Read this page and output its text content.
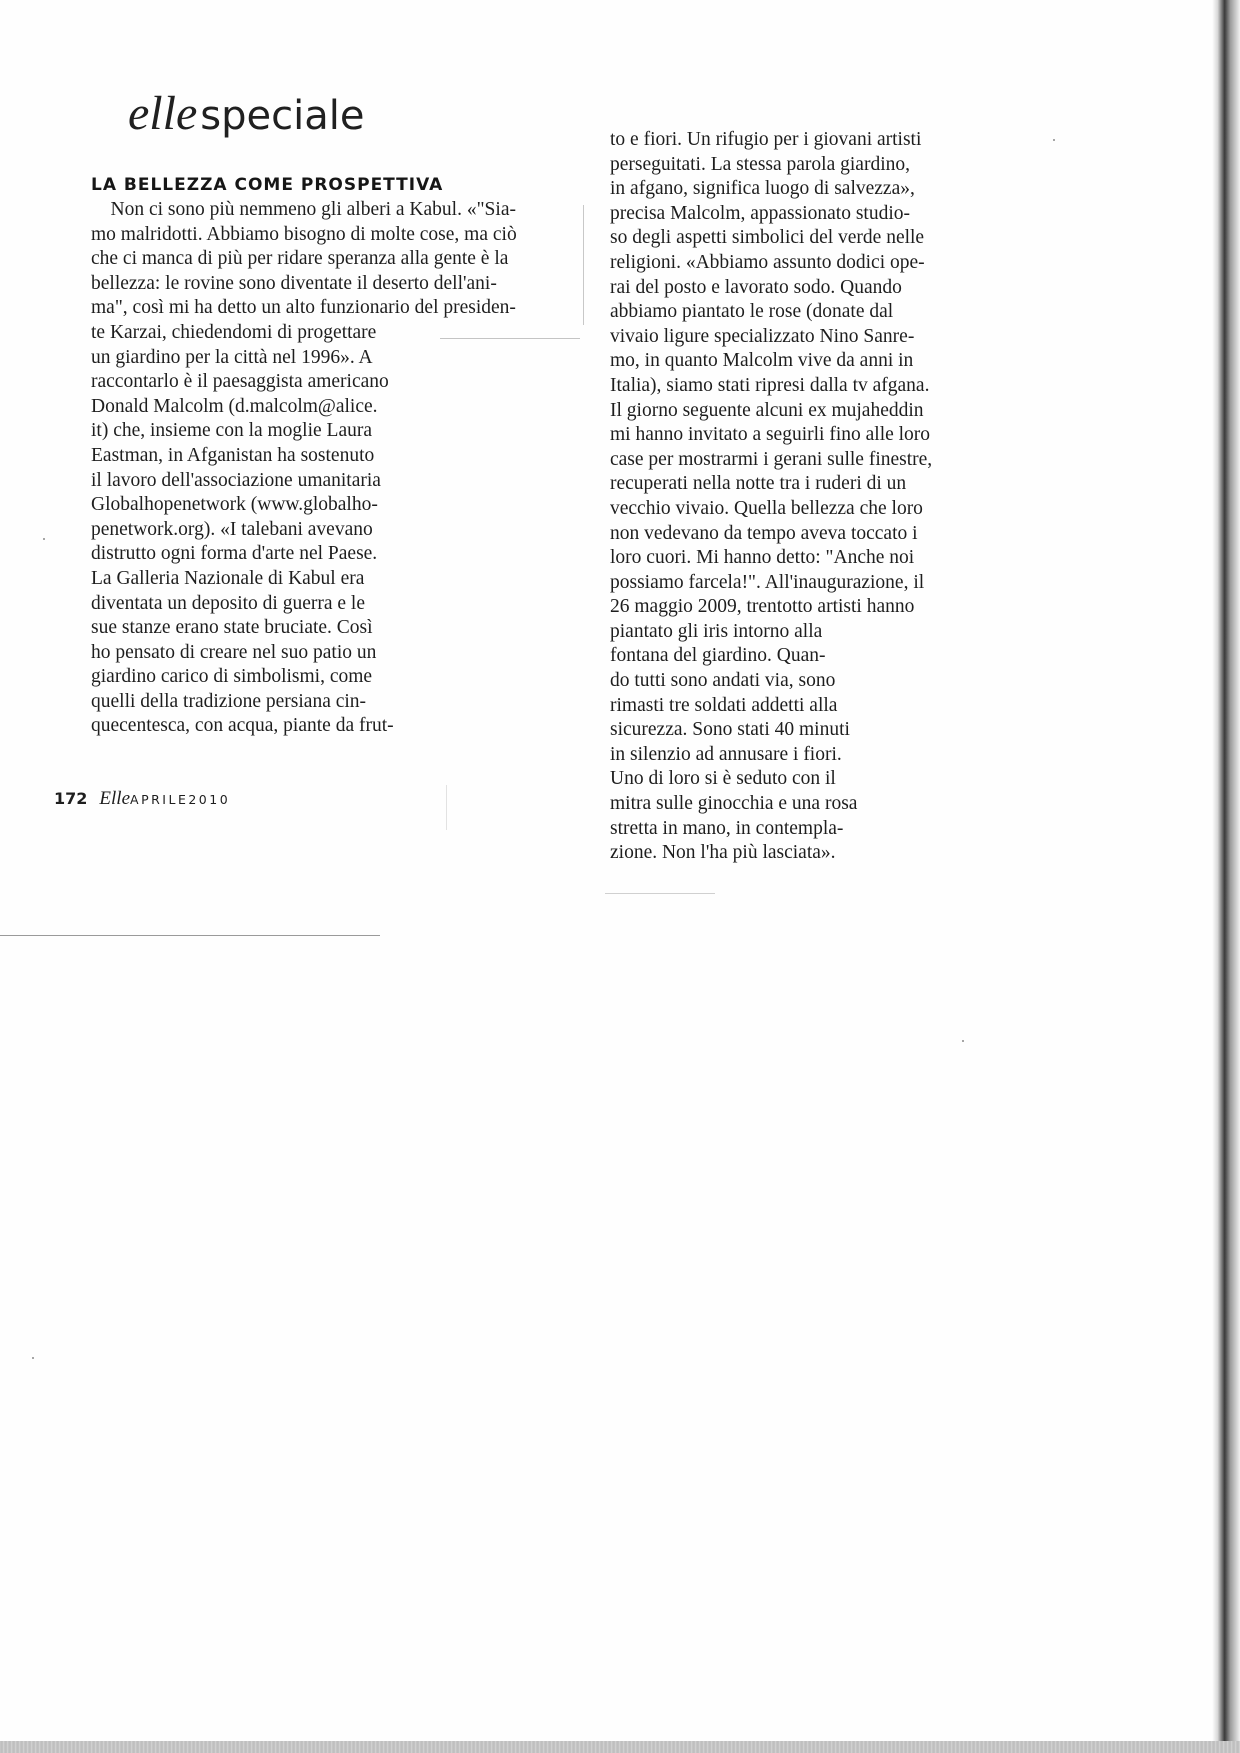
ellespeciale
LA BELLEZZA COME PROSPETTIVA
Non ci sono più nemmeno gli alberi a Kabul. «"Sia-
mo malridotti. Abbiamo bisogno di molte cose, ma ciò
che ci manca di più per ridare speranza alla gente è la
bellezza: le rovine sono diventate il deserto dell'ani-
ma", così mi ha detto un alto funzionario del presiden-
te Karzai, chiedendomi di progettare
un giardino per la città nel 1996». A
raccontarlo è il paesaggista americano
Donald Malcolm (d.malcolm@alice.
it) che, insieme con la moglie Laura
Eastman, in Afganistan ha sostenuto
il lavoro dell'associazione umanitaria
Globalhopenetwork (www.globalho-
penetwork.org). «I talebani avevano
distrutto ogni forma d'arte nel Paese.
La Galleria Nazionale di Kabul era
diventata un deposito di guerra e le
sue stanze erano state bruciate. Così
ho pensato di creare nel suo patio un
giardino carico di simbolismi, come
quelli della tradizione persiana cin-
quecentesca, con acqua, piante da frut-
to e fiori. Un rifugio per i giovani artisti
perseguitati. La stessa parola giardino,
in afgano, significa luogo di salvezza»,
precisa Malcolm, appassionato studio-
so degli aspetti simbolici del verde nelle
religioni. «Abbiamo assunto dodici ope-
rai del posto e lavorato sodo. Quando
abbiamo piantato le rose (donate dal
vivaio ligure specializzato Nino Sanre-
mo, in quanto Malcolm vive da anni in
Italia), siamo stati ripresi dalla tv afgana.
Il giorno seguente alcuni ex mujaheddin
mi hanno invitato a seguirli fino alle loro
case per mostrarmi i gerani sulle finestre,
recuperati nella notte tra i ruderi di un
vecchio vivaio. Quella bellezza che loro
non vedevano da tempo aveva toccato i
loro cuori. Mi hanno detto: "Anche noi
possiamo farcela!". All'inaugurazione, il
26 maggio 2009, trentotto artisti hanno
piantato gli iris intorno alla
fontana del giardino. Quan-
do tutti sono andati via, sono
rimasti tre soldati addetti alla
sicurezza. Sono stati 40 minuti
in silenzio ad annusare i fiori.
Uno di loro si è seduto con il
mitra sulle ginocchia e una rosa
stretta in mano, in contempla-
zione. Non l'ha più lasciata».
172 ElleAPRILE2010
